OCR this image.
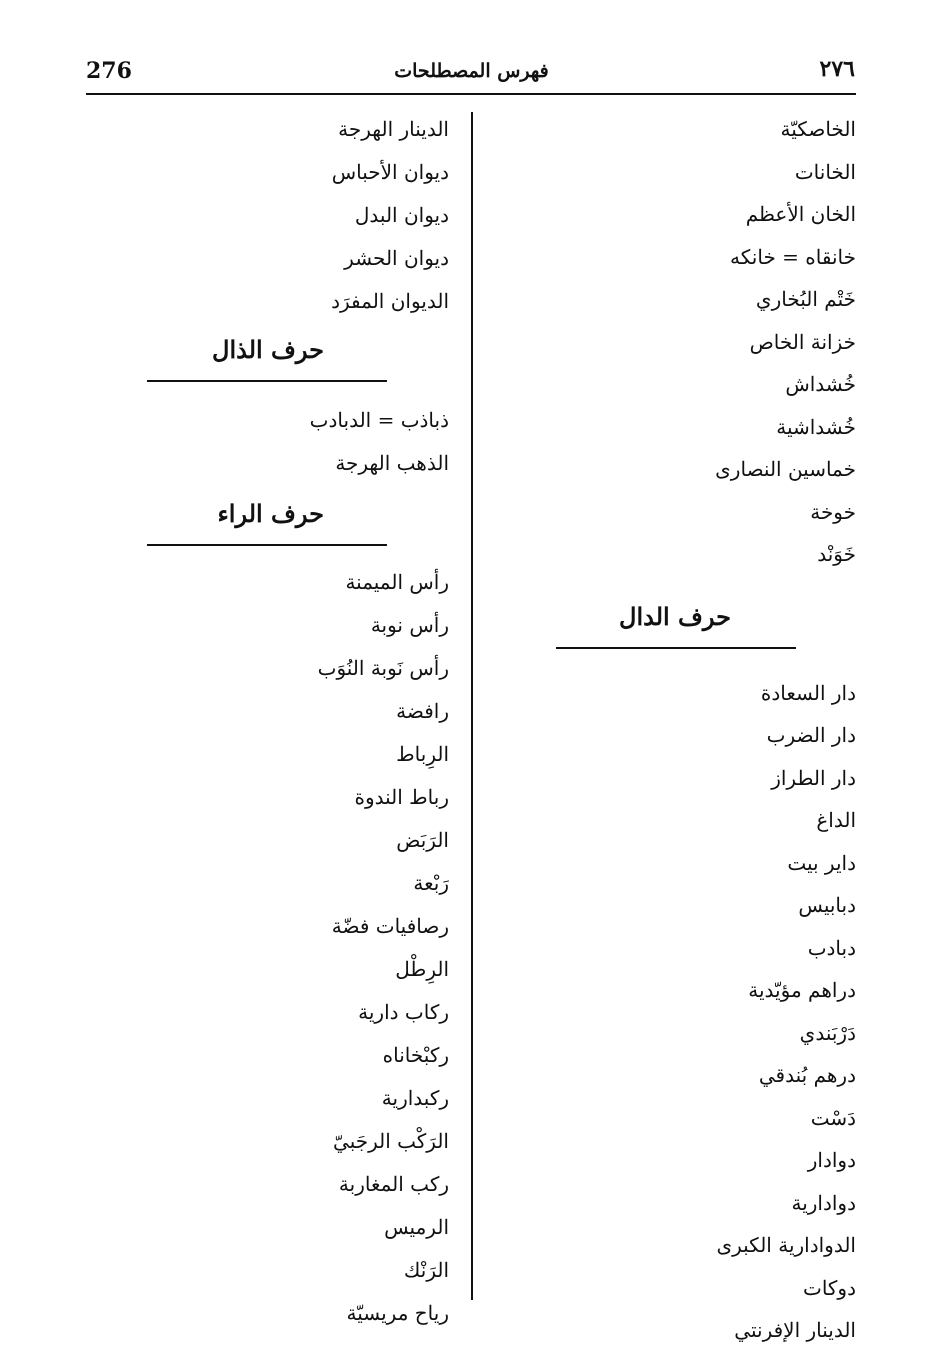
276	فهرس المصطلحات	٢٧٦
الخاصكيّة
الخانات
الخان الأعظم
خانقاه = خانكه
خَتْم البُخاري
خزانة الخاص
خُشداش
خُشداشية
خماسين النصارى
خوخة
خَوَنْد
حرف الدال
دار السعادة
دار الضرب
دار الطراز
الداغ
داير بيت
دبابيس
دبادب
دراهم مؤيّدية
دَرْبَندي
درهم بُندقي
دَسْت
دوادار
دوادارية
الدوادارية الكبرى
دوكات
الدينار الإفرنتي
الدينار الهرجة
ديوان الأحباس
ديوان البدل
ديوان الحشر
الديوان المفرَد
حرف الذال
ذباذب = الدبادب
الذهب الهرجة
حرف الراء
رأس الميمنة
رأس نوبة
رأس نَوبة النُوَب
رافضة
الرِباط
رباط الندوة
الرَبَض
رَبْعة
رصافيات فضّة
الرِطْل
ركاب دارية
ركبْخاناه
ركبدارية
الرَكْب الرجَبيّ
ركب المغاربة
الرميس
الرَنْك
رياح مريسيّة
